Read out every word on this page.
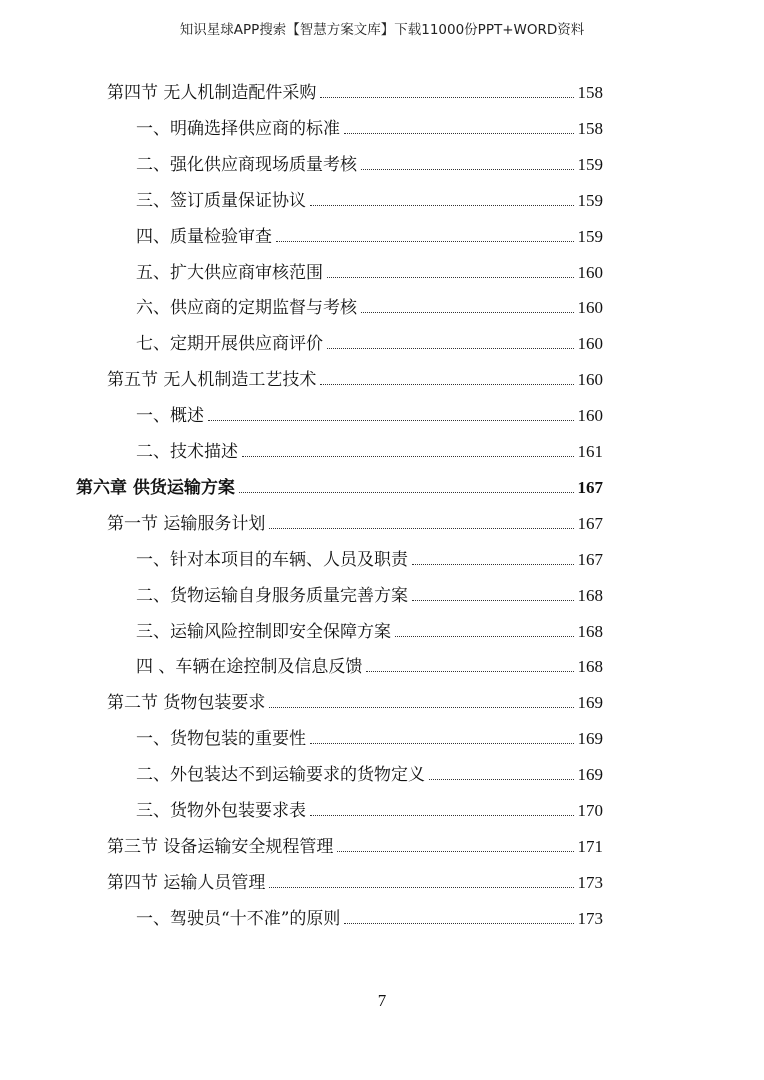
知识星球APP搜索【智慧方案文库】下载11000份PPT+WORD资料
第四节 无人机制造配件采购	158
一、明确选择供应商的标准	158
二、强化供应商现场质量考核	159
三、签订质量保证协议	159
四、质量检验审查	159
五、扩大供应商审核范围	160
六、供应商的定期监督与考核	160
七、定期开展供应商评价	160
第五节 无人机制造工艺技术	160
一、概述	160
二、技术描述	161
第六章 供货运输方案	167
第一节 运输服务计划	167
一、针对本项目的车辆、人员及职责	167
二、货物运输自身服务质量完善方案	168
三、运输风险控制即安全保障方案	168
四 、车辆在途控制及信息反馈	168
第二节 货物包装要求	169
一、货物包装的重要性	169
二、外包装达不到运输要求的货物定义	169
三、货物外包装要求表	170
第三节 设备运输安全规程管理	171
第四节 运输人员管理	173
一、驾驶员“十不准”的原则	173
7
